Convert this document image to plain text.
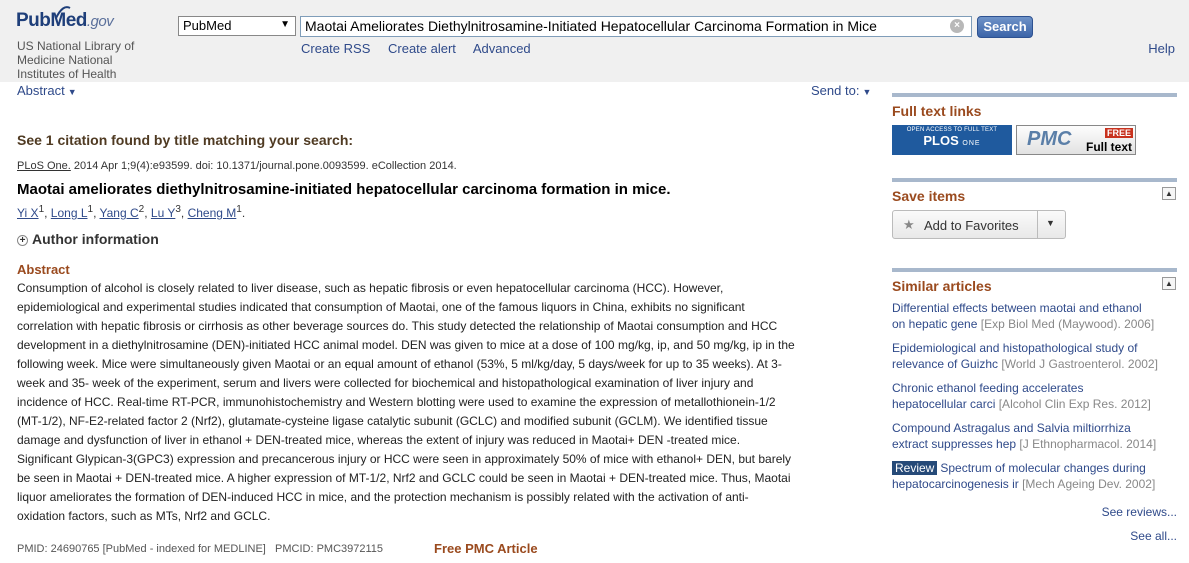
PubMed.gov
US National Library of
Medicine National
Institutes of Health
PubMed	▼	Maotai Ameliorates Diethylnitrosamine-Initiated Hepatocellular Carcinoma Formation in Mice	×	Search
Create RSS Create alert Advanced	Help
Abstract ▼	Send to: ▼
See 1 citation found by title matching your search:
PLoS One. 2014 Apr 1;9(4):e93599. doi: 10.1371/journal.pone.0093599. eCollection 2014.
Maotai ameliorates diethylnitrosamine-initiated hepatocellular carcinoma formation in mice.
Yi $X^1$, Long $L^1$, Yang $C^2$, Lu $Y^3$, Cheng $M^1$.
+ Author information
Abstract
Consumption of alcohol is closely related to liver disease, such as hepatic fibrosis or even hepatocellular carcinoma (HCC). However,
epidemiological and experimental studies indicated that consumption of Maotai, one of the famous liquors in China, exhibits no significant
correlation with hepatic fibrosis or cirrhosis as other beverage sources do. This study detected the relationship of Maotai consumption and HCC
development in a diethylnitrosamine (DEN)-initiated HCC animal model. DEN was given to mice at a dose of 100 mg/kg, ip, and 50 mg/kg, ip in the
following week. Mice were simultaneously given Maotai or an equal amount of ethanol (53%, 5 ml/kg/day, 5 days/week for up to 35 weeks). At 3-
week and 35- week of the experiment, serum and livers were collected for biochemical and histopathological examination of liver injury and
incidence of HCC. Real-time RT-PCR, immunohistochemistry and Western blotting were used to examine the expression of metallothionein-1/2
(MT-1/2), NF-E2-related factor 2 (Nrf2), glutamate-cysteine ligase catalytic subunit (GCLC) and modified subunit (GCLM). We identified tissue
damage and dysfunction of liver in ethanol + DEN-treated mice, whereas the extent of injury was reduced in Maotai+ DEN -treated mice.
Significant Glypican-3(GPC3) expression and precancerous injury or HCC were seen in approximately 50% of mice with ethanol+ DEN, but barely
be seen in Maotai + DEN-treated mice. A higher expression of MT-1/2, Nrf2 and GCLC could be seen in Maotai + DEN-treated mice. Thus, Maotai
liquor ameliorates the formation of DEN-induced HCC in mice, and the protection mechanism is possibly related with the activation of anti-
oxidation factors, such as MTs, Nrf2 and GCLC.
PMID: 24690765 [PubMed - indexed for MEDLINE] PMCID: PMC3972115	Free PMC Article
Full text links
OPEN ACCESS TO FULL TEXT
PLOS ONE	PMC	FREE
Full text
Save items	▲
★ Add to Favorites	▼
Similar articles	▲
Differential effects between maotai and ethanol
on hepatic gene [Exp Biol Med (Maywood). 2006]
Epidemiological and histopathological study of
relevance of Guizhc [World J Gastroenterol. 2002]
Chronic ethanol feeding accelerates
hepatocellular carci [Alcohol Clin Exp Res. 2012]
Compound Astragalus and Salvia miltiorrhiza
extract suppresses hep [J Ethnopharmacol. 2014]
Review Spectrum of molecular changes during
hepatocarcinogenesis ir [Mech Ageing Dev. 2002]
See reviews...
See all...
